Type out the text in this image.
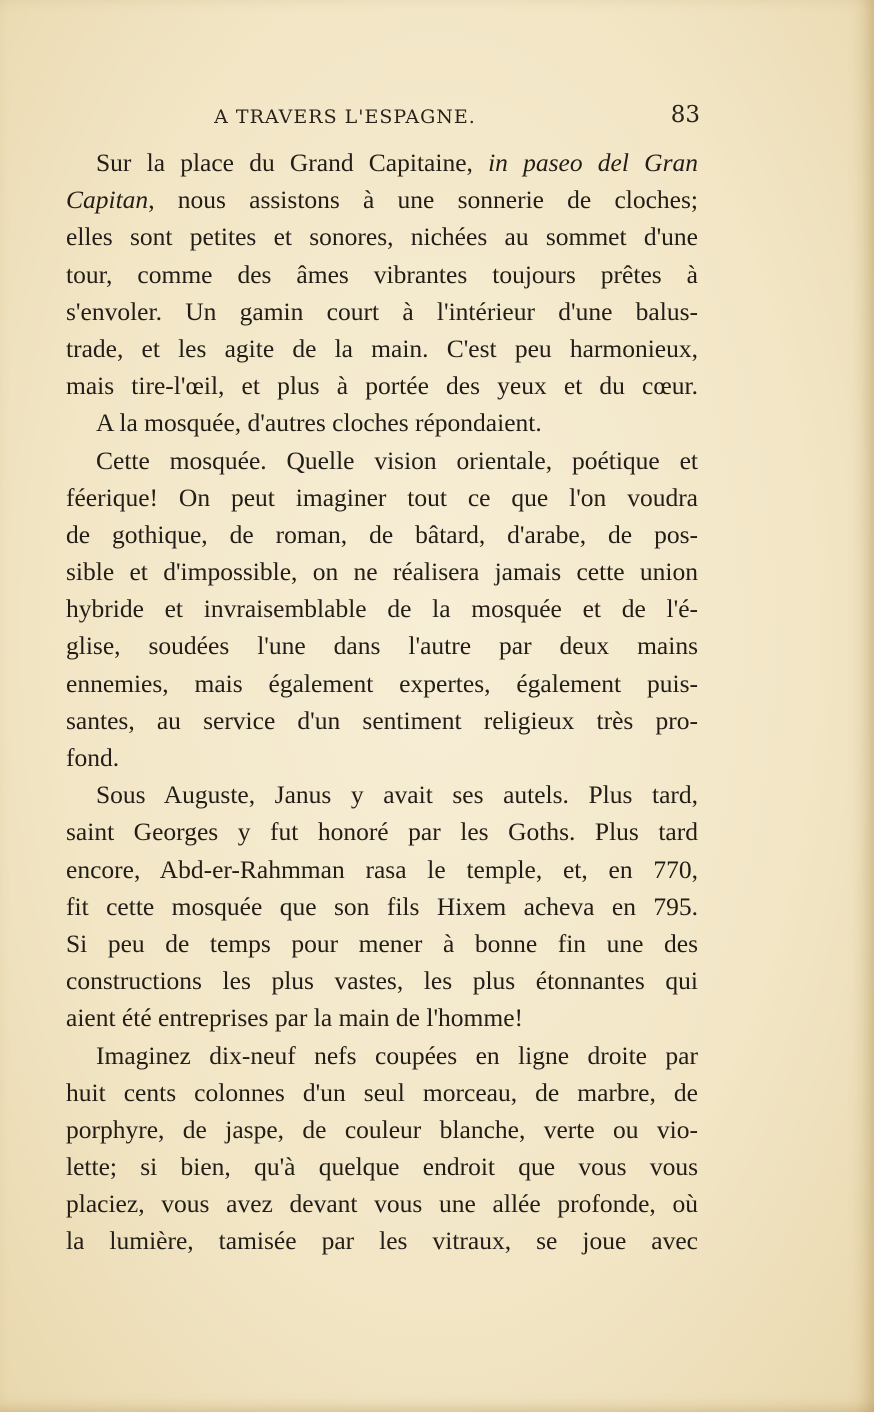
A TRAVERS L'ESPAGNE.	83
Sur la place du Grand Capitaine, in paseo del Gran
Capitan, nous assistons à une sonnerie de cloches;
elles sont petites et sonores, nichées au sommet d'une
tour, comme des âmes vibrantes toujours prêtes à
s'envoler. Un gamin court à l'intérieur d'une balus-
trade, et les agite de la main. C'est peu harmonieux,
mais tire-l'œil, et plus à portée des yeux et du cœur.
A la mosquée, d'autres cloches répondaient.
Cette mosquée. Quelle vision orientale, poétique et
féerique! On peut imaginer tout ce que l'on voudra
de gothique, de roman, de bâtard, d'arabe, de pos-
sible et d'impossible, on ne réalisera jamais cette union
hybride et invraisemblable de la mosquée et de l'é-
glise, soudées l'une dans l'autre par deux mains
ennemies, mais également expertes, également puis-
santes, au service d'un sentiment religieux très pro-
fond.
Sous Auguste, Janus y avait ses autels. Plus tard,
saint Georges y fut honoré par les Goths. Plus tard
encore, Abd-er-Rahmman rasa le temple, et, en 770,
fit cette mosquée que son fils Hixem acheva en 795.
Si peu de temps pour mener à bonne fin une des
constructions les plus vastes, les plus étonnantes qui
aient été entreprises par la main de l'homme!
Imaginez dix-neuf nefs coupées en ligne droite par
huit cents colonnes d'un seul morceau, de marbre, de
porphyre, de jaspe, de couleur blanche, verte ou vio-
lette; si bien, qu'à quelque endroit que vous vous
placiez, vous avez devant vous une allée profonde, où
la lumière, tamisée par les vitraux, se joue avec
